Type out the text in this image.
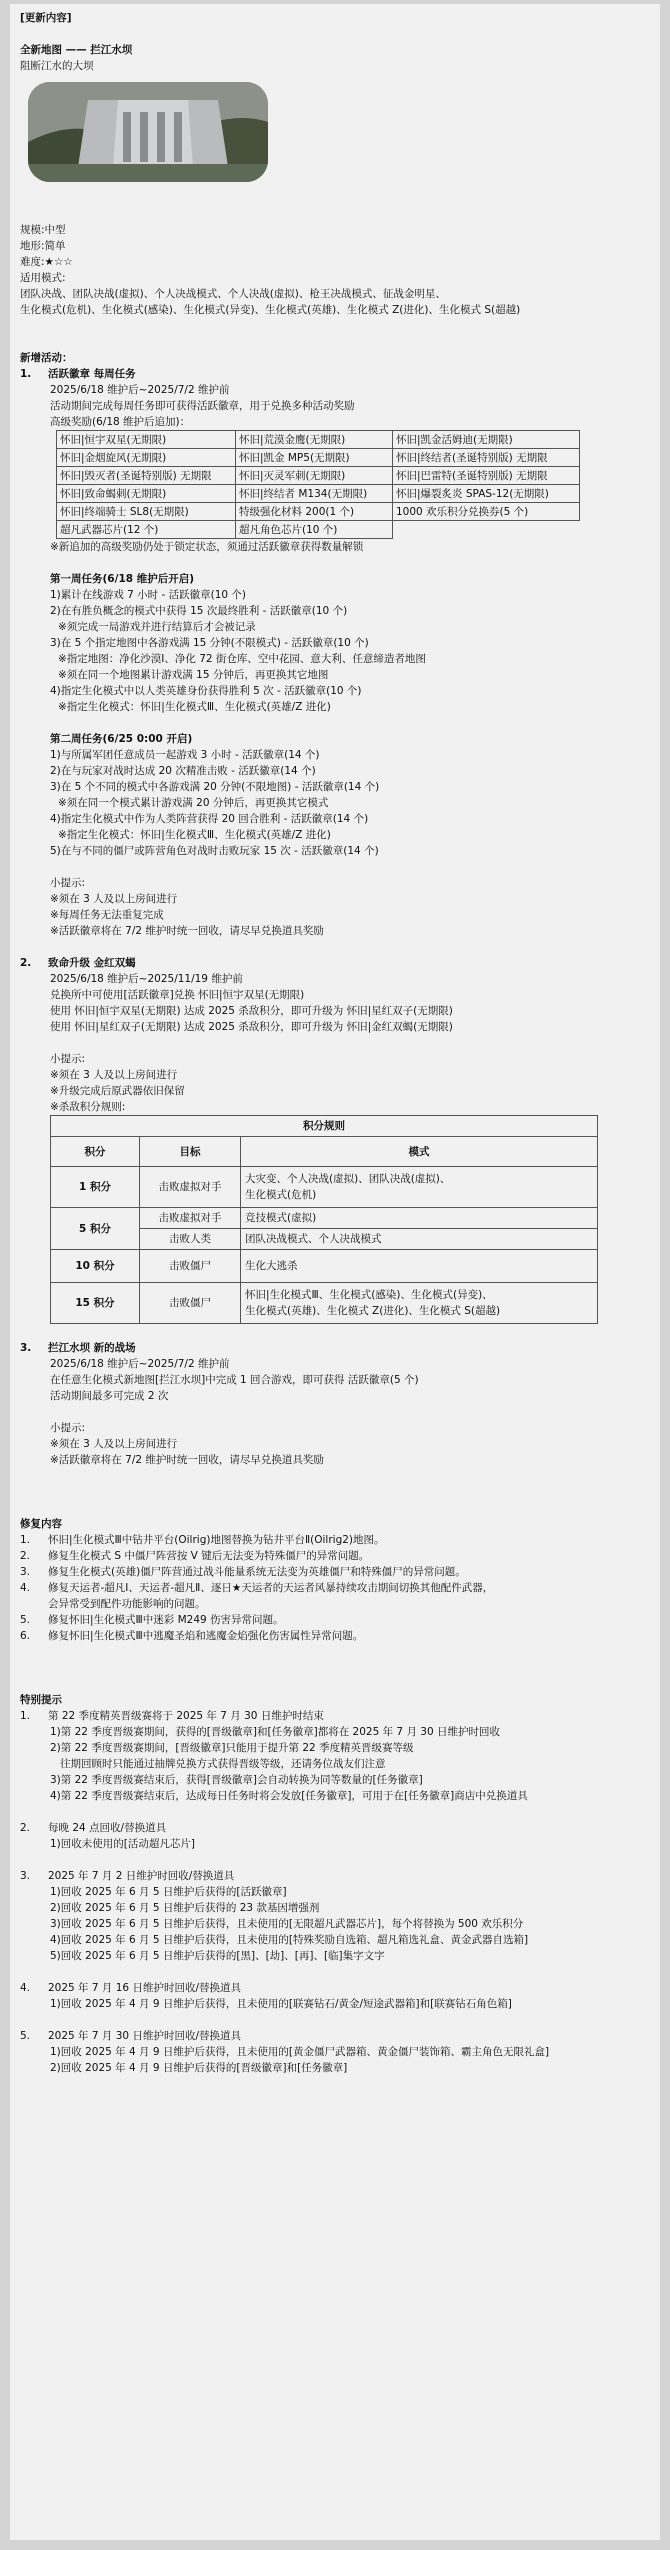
[更新内容]

全新地图 —— 拦江水坝

阻断江水的大坝

规模:中型

地形:简单

难度:★☆☆

适用模式:

团队决战、团队决战(虚拟)、个人决战模式、个人决战(虚拟)、枪王决战模式、征战金明星、

生化模式(危机)、生化模式(感染)、生化模式(异变)、生化模式(英雄)、生化模式 Z(进化)、生化模式 S(超越)

新增活动：

1.	活跃徽章 每周任务

2025/6/18 维护后~2025/7/2 维护前

活动期间完成每周任务即可获得活跃徽章，用于兑换多种活动奖励

高级奖励(6/18 维护后追加)：

怀旧|恒宇双星(无期限)	怀旧|荒漠金鹰(无期限)	怀旧|凯金活姆迪(无期限)
怀旧|金烟旋风(无期限)	怀旧|凯金 MP5(无期限)	怀旧|终结者(圣诞特别版) 无期限
怀旧|毁灭者(圣诞特别版) 无期限	怀旧|灭灵军刺(无期限)	怀旧|巴雷特(圣诞特别版) 无期限
怀旧|致命蝎刺(无期限)	怀旧|终结者 M134(无期限)	怀旧|爆裂炙炎 SPAS-12(无期限)
怀旧|终端骑士 SL8(无期限)	特级强化材料 200(1 个)	1000 欢乐积分兑换券(5 个)
超凡武器芯片(12 个)	超凡角色芯片(10 个)	

※新追加的高级奖励仍处于锁定状态，须通过活跃徽章获得数量解锁

第一周任务(6/18 维护后开启)

1)累计在线游戏 7 小时 - 活跃徽章(10 个)

2)在有胜负概念的模式中获得 15 次最终胜利 - 活跃徽章(10 个)

※须完成一局游戏并进行结算后才会被记录

3)在 5 个指定地图中各游戏满 15 分钟(不限模式) - 活跃徽章(10 个)

※指定地图：净化沙漠Ⅰ、净化 72 街仓库、空中花园、意大利、任意缔造者地图

※须在同一个地图累计游戏满 15 分钟后，再更换其它地图

4)指定生化模式中以人类英雄身份获得胜利 5 次 - 活跃徽章(10 个)

※指定生化模式：怀旧|生化模式Ⅲ、生化模式(英雄/Z 进化)

第二周任务(6/25 0:00 开启)

1)与所属军团任意成员一起游戏 3 小时 - 活跃徽章(14 个)

2)在与玩家对战时达成 20 次精准击败 - 活跃徽章(14 个)

3)在 5 个不同的模式中各游戏满 20 分钟(不限地图) - 活跃徽章(14 个)

※须在同一个模式累计游戏满 20 分钟后，再更换其它模式

4)指定生化模式中作为人类阵营获得 20 回合胜利 - 活跃徽章(14 个)

※指定生化模式：怀旧|生化模式Ⅲ、生化模式(英雄/Z 进化)

5)在与不同的僵尸或阵营角色对战时击败玩家 15 次 - 活跃徽章(14 个)

小提示:

※须在 3 人及以上房间进行

※每周任务无法重复完成

※活跃徽章将在 7/2 维护时统一回收，请尽早兑换道具奖励

2.	致命升级 金红双蝎

2025/6/18 维护后~2025/11/19 维护前

兑换所中可使用[活跃徽章]兑换 怀旧|恒宇双星(无期限)

使用 怀旧|恒宇双星(无期限) 达成 2025 杀敌积分，即可升级为 怀旧|星红双子(无期限)

使用 怀旧|星红双子(无期限) 达成 2025 杀敌积分，即可升级为 怀旧|金红双蝎(无期限)

小提示:

※须在 3 人及以上房间进行

※升级完成后原武器依旧保留

※杀敌积分规则:

积分规则		
积分	目标	模式
1 积分	击败虚拟对手	大灾变、个人决战(虚拟)、团队决战(虚拟)、
生化模式(危机)

5 积分	击败虚拟对手	竞技模式(虚拟)
	击败人类	团队决战模式、个人决战模式
10 积分	击败僵尸	生化大逃杀
15 积分	击败僵尸	怀旧|生化模式Ⅲ、生化模式(感染)、生化模式(异变)、
生化模式(英雄)、生化模式 Z(进化)、生化模式 S(超越)
3.	拦江水坝 新的战场

2025/6/18 维护后~2025/7/2 维护前

在任意生化模式新地图[拦江水坝]中完成 1 回合游戏，即可获得 活跃徽章(5 个)

活动期间最多可完成 2 次

小提示:

※须在 3 人及以上房间进行

※活跃徽章将在 7/2 维护时统一回收，请尽早兑换道具奖励

修复内容

1.	怀旧|生化模式Ⅲ中钻井平台(Oilrig)地图替换为钻井平台Ⅱ(Oilrig2)地图。
2.	修复生化模式 S 中僵尸阵营按 V 键后无法变为特殊僵尸的异常问题。
3.	修复生化模式(英雄)僵尸阵营通过战斗能量系统无法变为英雄僵尸和特殊僵尸的异常问题。
4.	修复天运者-超凡Ⅰ、天运者-超凡Ⅱ、逐日★天运者的天运者风暴持续攻击期间切换其他配件武器，

会异常受到配件功能影响的问题。

5.	修复怀旧|生化模式Ⅲ中迷彩 M249 伤害异常问题。
6.	修复怀旧|生化模式Ⅲ中逃魔圣焰和逃魔金焰强化伤害属性异常问题。

特别提示

1.	第 22 季度精英晋级赛将于 2025 年 7 月 30 日维护时结束

1)第 22 季度晋级赛期间，获得的[晋级徽章]和[任务徽章]都将在 2025 年 7 月 30 日维护时回收

2)第 22 季度晋级赛期间，[晋级徽章]只能用于提升第 22 季度精英晋级赛等级

往期回顾时只能通过抽牌兑换方式获得晋级等级，还请务位战友们注意

3)第 22 季度晋级赛结束后，获得[晋级徽章]会自动转换为同等数量的[任务徽章]

4)第 22 季度晋级赛结束后，达成每日任务时将会发放[任务徽章]，可用于在[任务徽章]商店中兑换道具

2.	每晚 24 点回收/替换道具

1)回收未使用的[活动超凡芯片]

3.	2025 年 7 月 2 日维护时回收/替换道具

1)回收 2025 年 6 月 5 日维护后获得的[活跃徽章]

2)回收 2025 年 6 月 5 日维护后获得的 23 款基因增强剂

3)回收 2025 年 6 月 5 日维护后获得，且未使用的[无限超凡武器芯片]，每个将替换为 500 欢乐积分

4)回收 2025 年 6 月 5 日维护后获得，且未使用的[特殊奖励自选箱、超凡箱选礼盒、黄金武器自选箱]

5)回收 2025 年 6 月 5 日维护后获得的[黑]、[劫]、[再]、[临]集字文字

4.	2025 年 7 月 16 日维护时回收/替换道具

1)回收 2025 年 4 月 9 日维护后获得，且未使用的[联赛钻石/黄金/短途武器箱]和[联赛钻石角色箱]

5.	2025 年 7 月 30 日维护时回收/替换道具

1)回收 2025 年 4 月 9 日维护后获得，且未使用的[黄金僵尸武器箱、黄金僵尸装饰箱、霸主角色无限礼盒]

2)回收 2025 年 4 月 9 日维护后获得的[晋级徽章]和[任务徽章]
